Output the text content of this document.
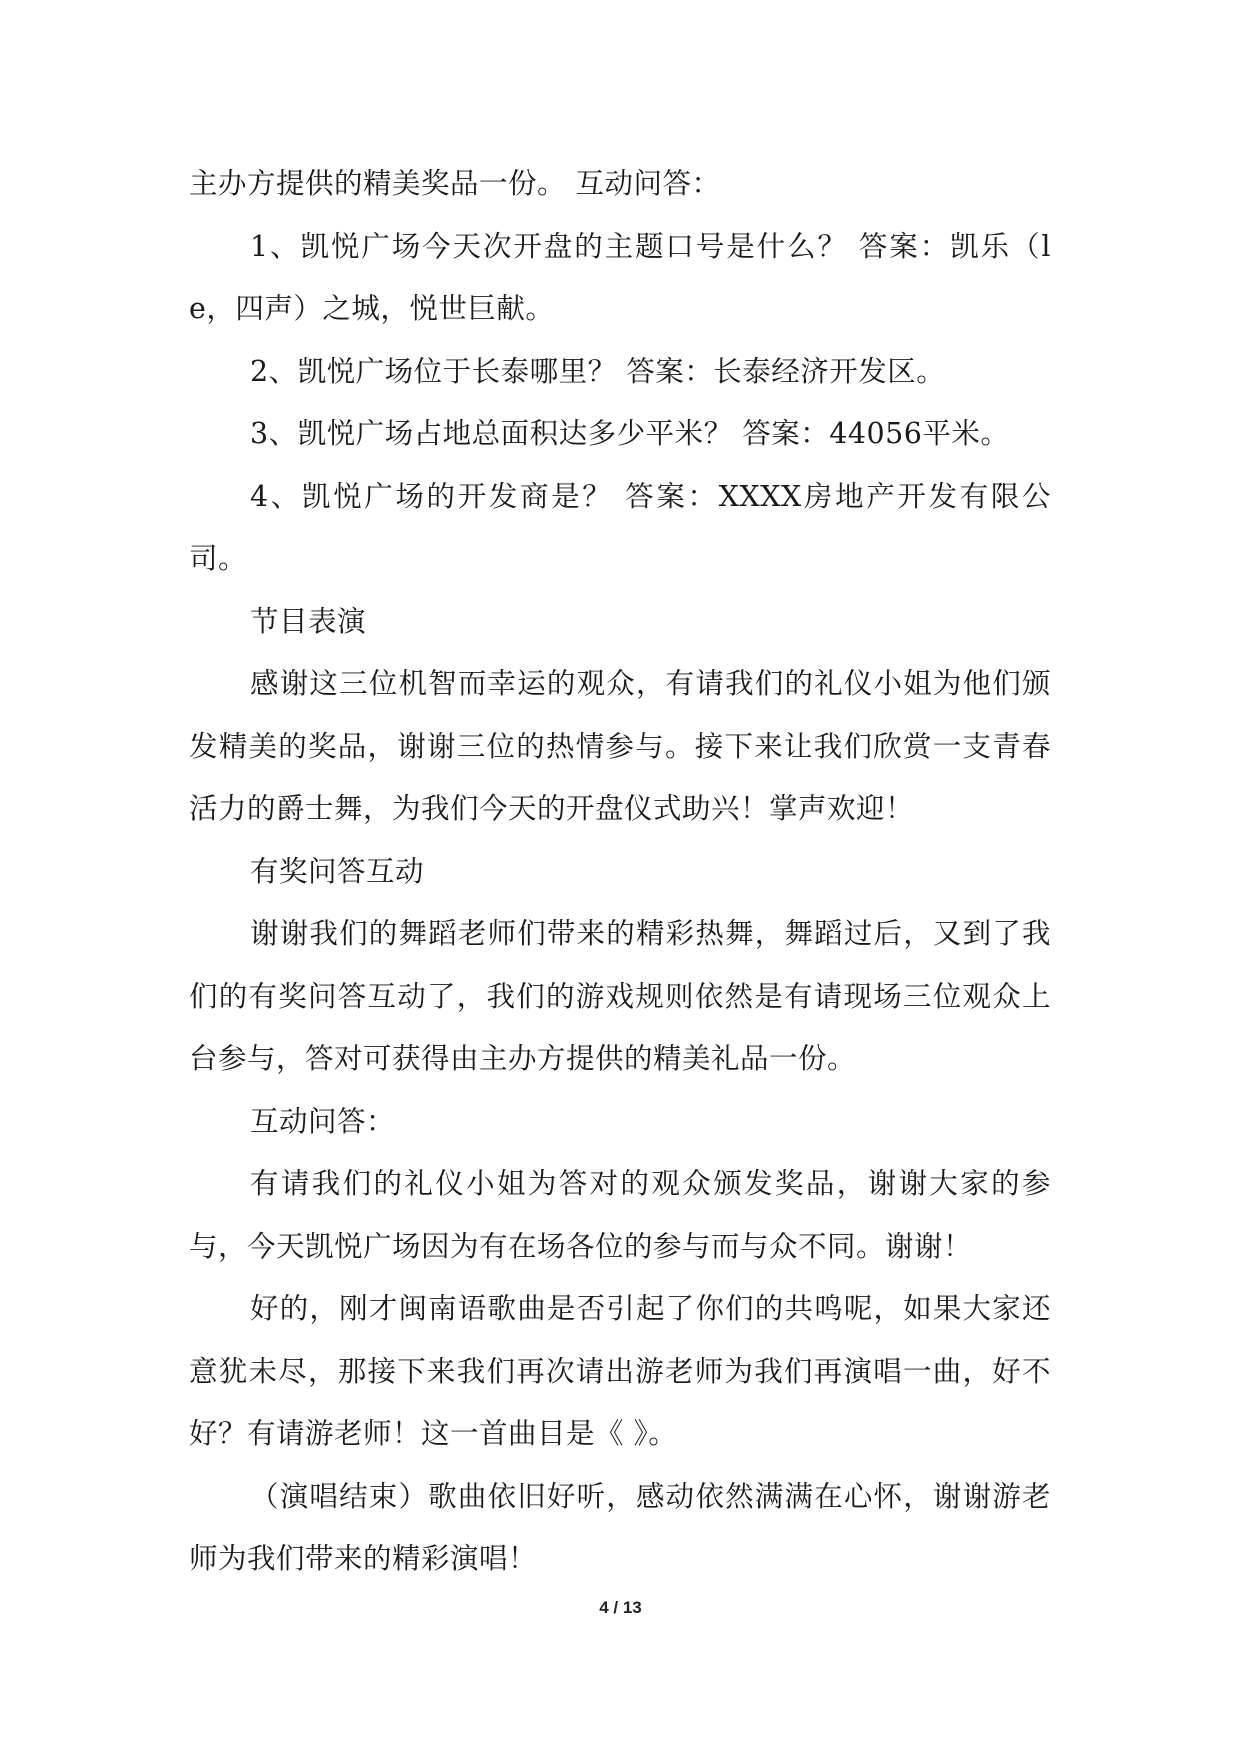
主办方提供的精美奖品一份。 互动问答：

1、凯悦广场今天次开盘的主题口号是什么？ 答案：凯乐（le，四声）之城，悦世巨献。

2、凯悦广场位于长泰哪里？ 答案：长泰经济开发区。

3、凯悦广场占地总面积达多少平米？ 答案：44056平米。

4、凯悦广场的开发商是？ 答案：XXXX房地产开发有限公司。

节目表演

感谢这三位机智而幸运的观众，有请我们的礼仪小姐为他们颁发精美的奖品，谢谢三位的热情参与。接下来让我们欣赏一支青春活力的爵士舞，为我们今天的开盘仪式助兴！掌声欢迎！

有奖问答互动

谢谢我们的舞蹈老师们带来的精彩热舞，舞蹈过后，又到了我们的有奖问答互动了，我们的游戏规则依然是有请现场三位观众上台参与，答对可获得由主办方提供的精美礼品一份。

互动问答：

有请我们的礼仪小姐为答对的观众颁发奖品，谢谢大家的参与，今天凯悦广场因为有在场各位的参与而与众不同。谢谢！

好的，刚才闽南语歌曲是否引起了你们的共鸣呢，如果大家还意犹未尽，那接下来我们再次请出游老师为我们再演唱一曲，好不好？有请游老师！这一首曲目是《 》。

（演唱结束）歌曲依旧好听，感动依然满满在心怀，谢谢游老师为我们带来的精彩演唱！

4 / 13
